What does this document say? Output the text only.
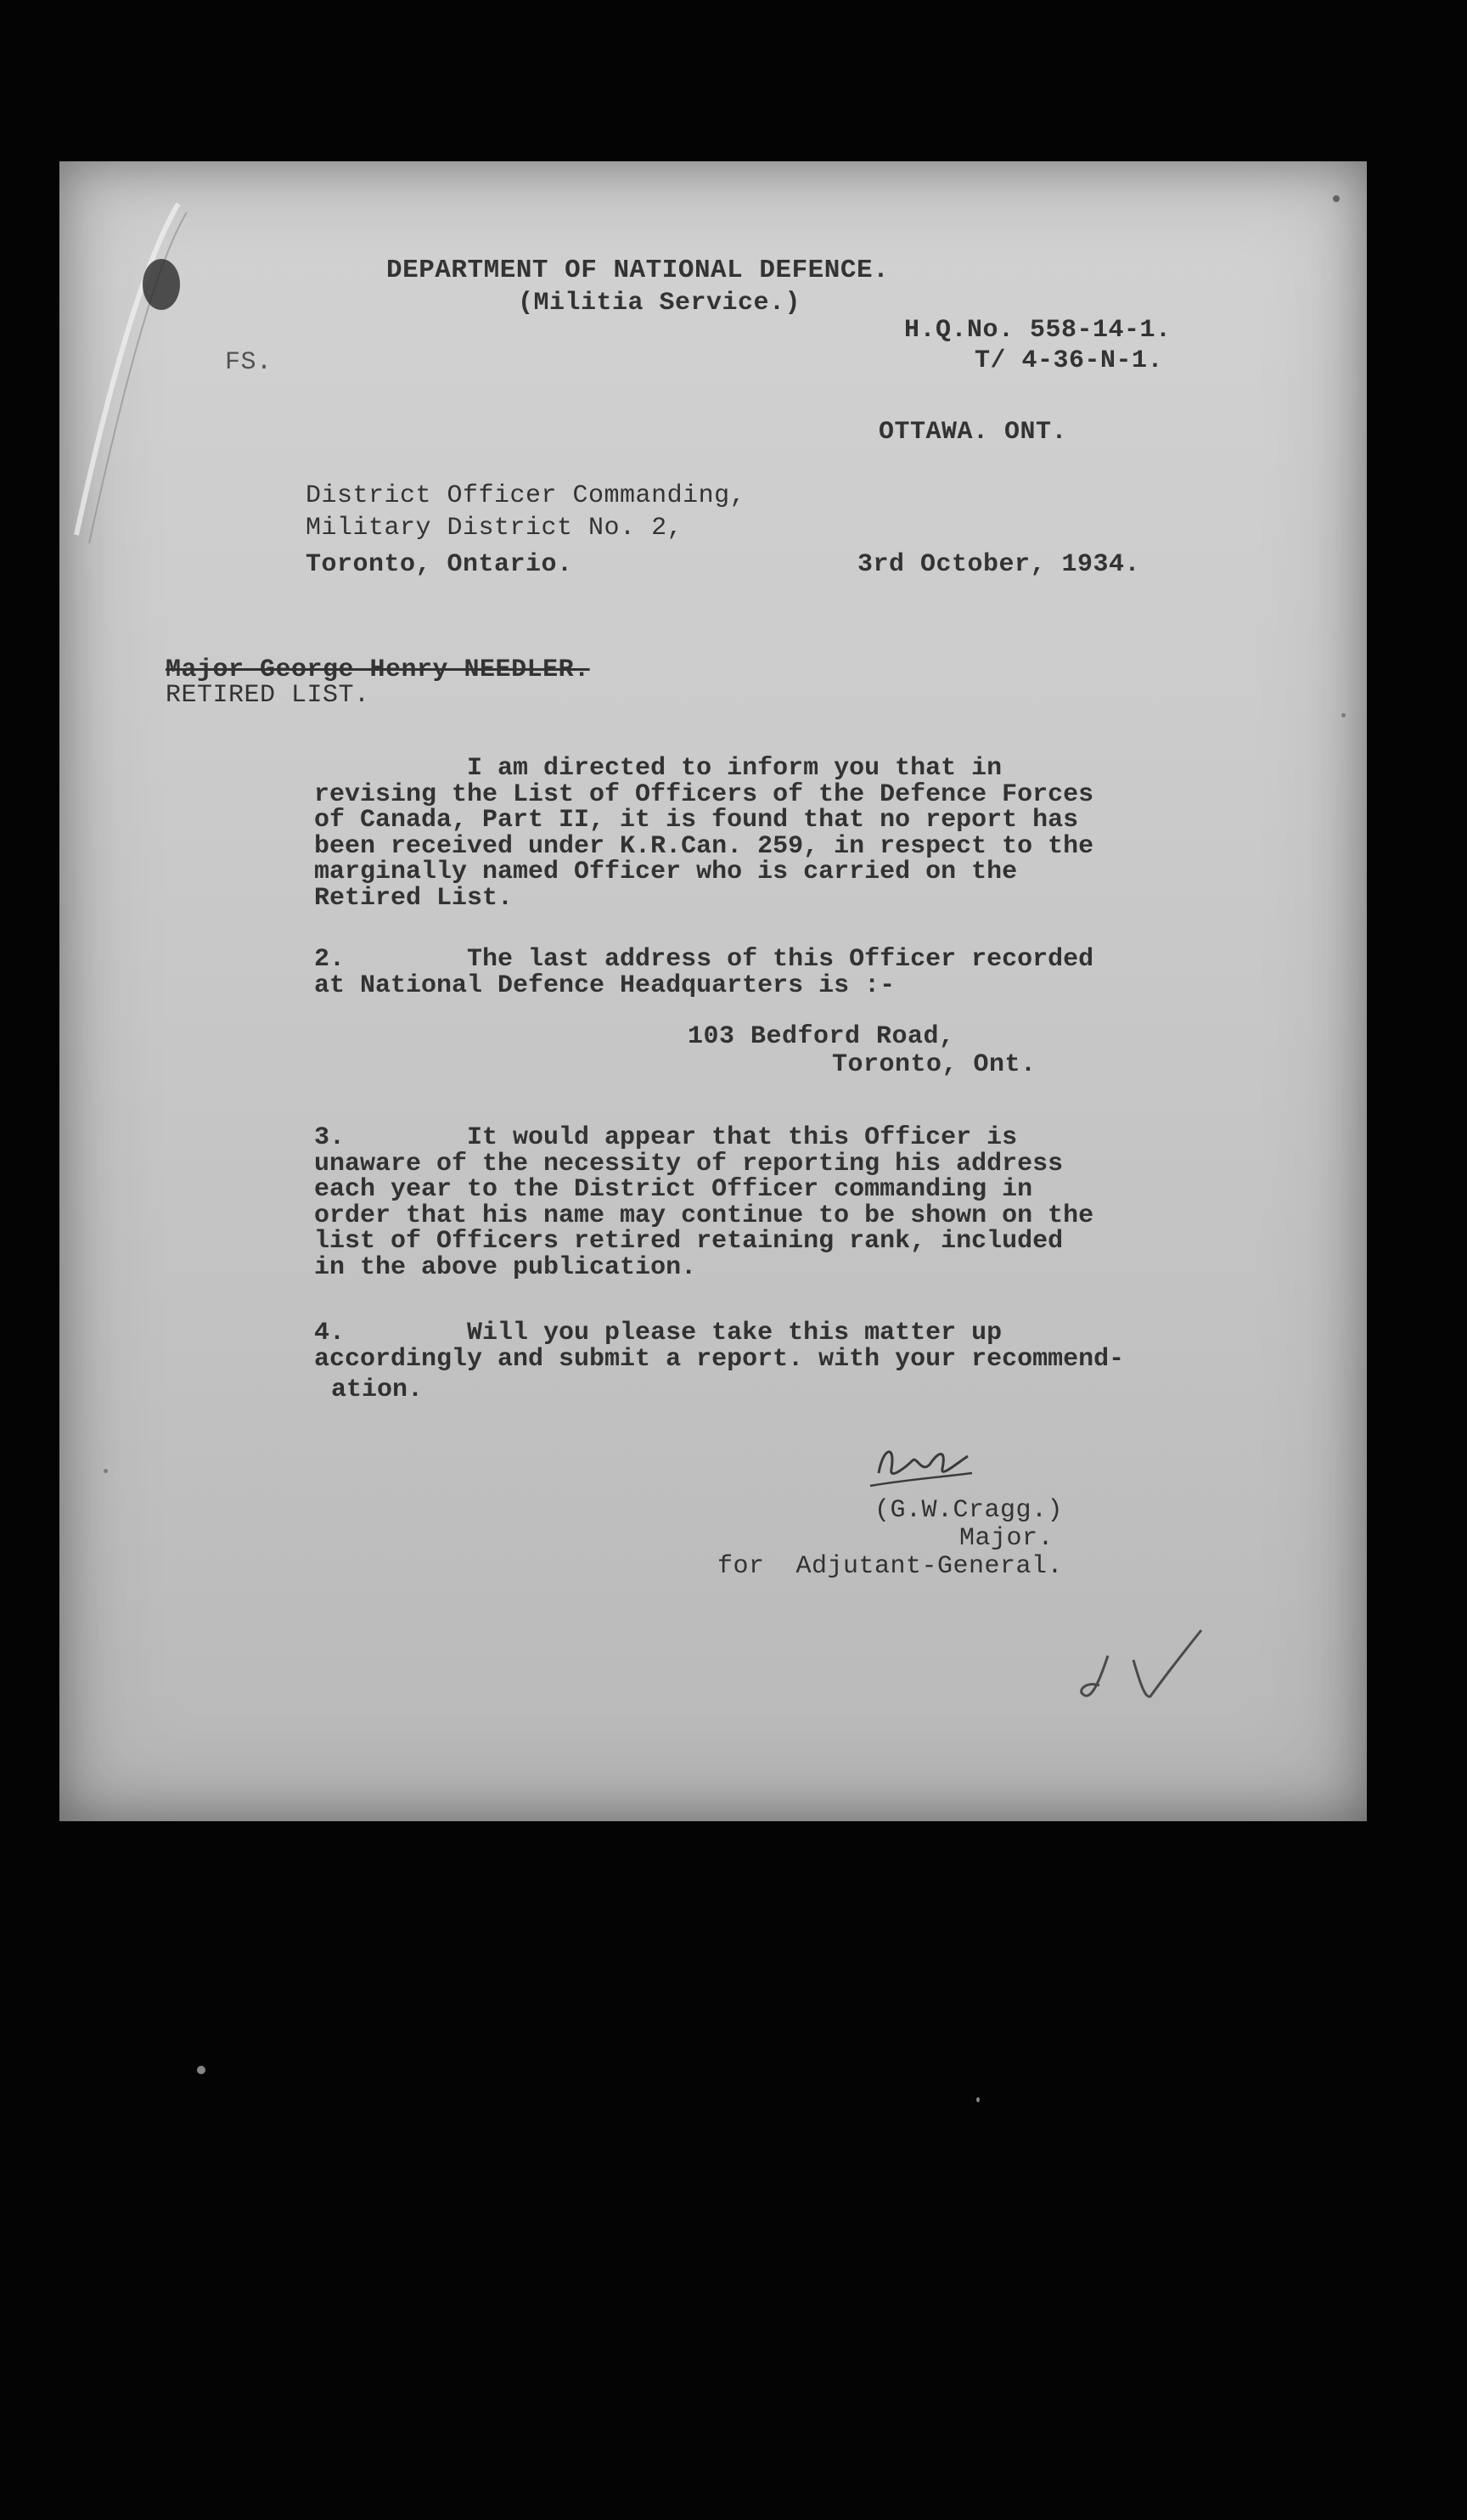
DEPARTMENT OF NATIONAL DEFENCE.
(Militia Service.)
H.Q.No. 558-14-1.
T/ 4-36-N-1.
FS.
OTTAWA. ONT.
District Officer Commanding,
Military District No. 2,
Toronto, Ontario.	3rd October, 1934.
Major George Henry NEEDLER.
RETIRED LIST.

I am directed to inform you that in

revising the List of Officers of the Defence Forces

of Canada, Part II, it is found that no report has

been received under K.R.Can. 259, in respect to the

marginally named Officer who is carried on the

Retired List.

2.        The last address of this Officer recorded

at National Defence Headquarters is :-

103 Bedford Road,
Toronto, Ont.

3.        It would appear that this Officer is

unaware of the necessity of reporting his address

each year to the District Officer commanding in

order that his name may continue to be shown on the

list of Officers retired retaining rank, included

in the above publication.

4.        Will you please take this matter up

accordingly and submit a report. with your recommend-

ation.

(G.W.Cragg.)
Major.
for  Adjutant-General.
